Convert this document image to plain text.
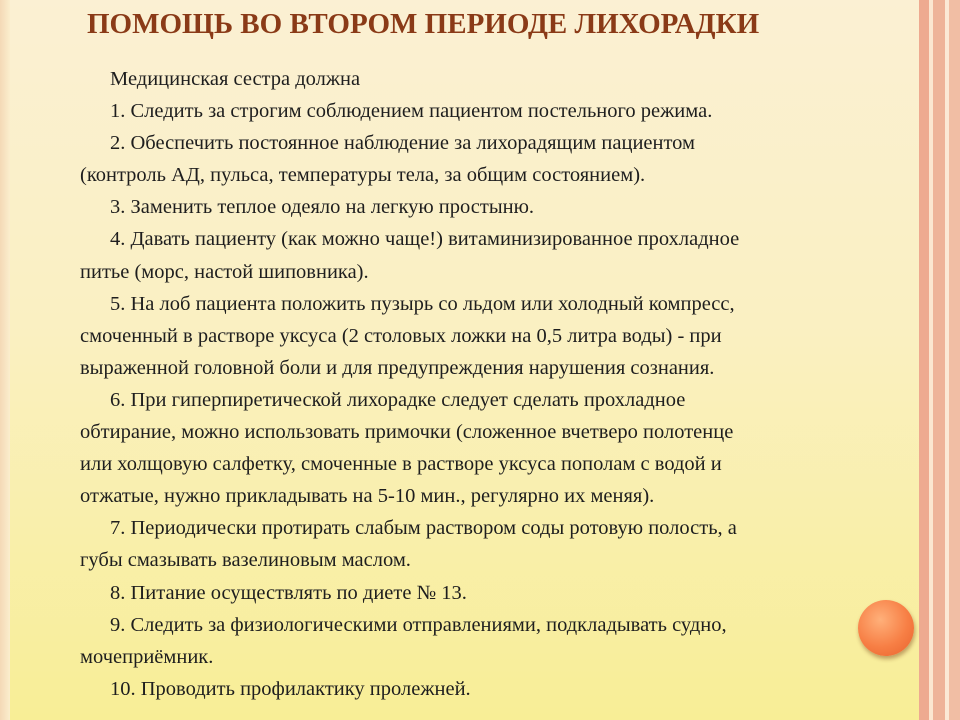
ПОМОЩЬ ВО ВТОРОМ ПЕРИОДЕ ЛИХОРАДКИ

Медицинская сестра должна

1. Следить за строгим соблюдением пациентом постельного режима.

2. Обеспечить постоянное наблюдение за лихорадящим пациентом

(контроль АД, пульса, температуры тела, за общим состоянием).

3. Заменить теплое одеяло на легкую простыню.

4. Давать пациенту (как можно чаще!) витаминизированное прохладное

питье (морс, настой шиповника).

5. На лоб пациента положить пузырь со льдом или холодный компресс,

смоченный в растворе уксуса (2 столовых ложки на 0,5 литра воды) - при

выраженной головной боли и для предупреждения нарушения сознания.

6. При гиперпиретической лихорадке следует сделать прохладное

обтирание, можно использовать примочки (сложенное вчетверо полотенце

или холщовую салфетку, смоченные в растворе уксуса пополам с водой и

отжатые, нужно прикладывать на 5-10 мин., регулярно их меняя).

7. Периодически протирать слабым раствором соды ротовую полость, а

губы смазывать вазелиновым маслом.

8. Питание осуществлять по диете № 13.

9. Следить за физиологическими отправлениями, подкладывать судно,

мочеприёмник.

10. Проводить профилактику пролежней.
